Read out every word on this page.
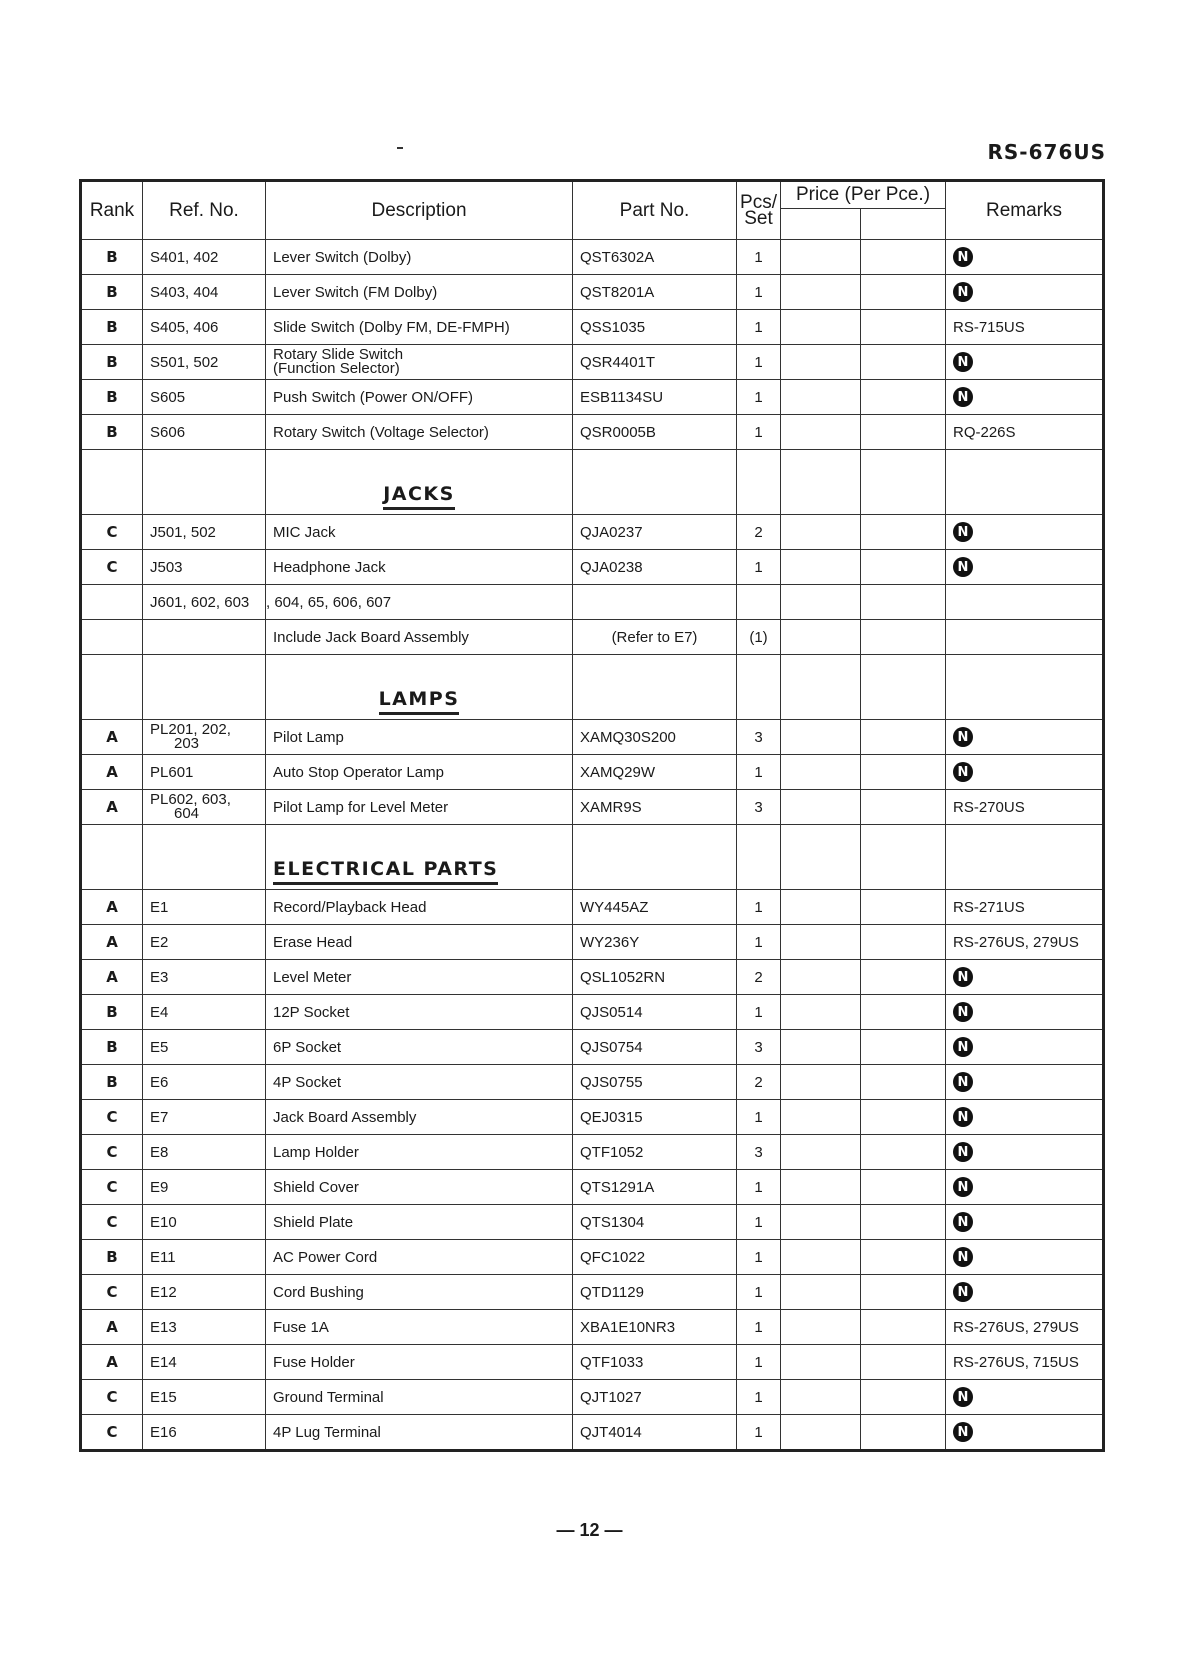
RS-676US
Rank	Ref. No.	Description	Part No.	Pcs/
Set	Price (Per Pce.)		Remarks

B	S401, 402	Lever Switch (Dolby)	QST6302A	1			N
B	S403, 404	Lever Switch (FM Dolby)	QST8201A	1			N
B	S405, 406	Slide Switch (Dolby FM, DE-FMPH)	QSS1035	1			RS-715US
B	S501, 502	Rotary Slide Switch
(Function Selector)	QSR4401T	1			N
B	S605	Push Switch (Power ON/OFF)	ESB1134SU	1			N
B	S606	Rotary Switch (Voltage Selector)	QSR0005B	1			RQ-226S
		JACKS					
C	J501, 502	MIC Jack	QJA0237	2			N
C	J503	Headphone Jack	QJA0238	1			N
	J601, 602, 603	, 604, 65, 606, 607					
		Include Jack Board Assembly	(Refer to E7)	(1)			
		LAMPS					
A	PL201, 202,
203	Pilot Lamp	XAMQ30S200	3			N
A	PL601	Auto Stop Operator Lamp	XAMQ29W	1			N
A	PL602, 603,
604	Pilot Lamp for Level Meter	XAMR9S	3			RS-270US
		ELECTRICAL PARTS					
A	E1	Record/Playback Head	WY445AZ	1			RS-271US
A	E2	Erase Head	WY236Y	1			RS-276US, 279US
A	E3	Level Meter	QSL1052RN	2			N
B	E4	12P Socket	QJS0514	1			N
B	E5	6P Socket	QJS0754	3			N
B	E6	4P Socket	QJS0755	2			N
C	E7	Jack Board Assembly	QEJ0315	1			N
C	E8	Lamp Holder	QTF1052	3			N
C	E9	Shield Cover	QTS1291A	1			N
C	E10	Shield Plate	QTS1304	1			N
B	E11	AC Power Cord	QFC1022	1			N
C	E12	Cord Bushing	QTD1129	1			N
A	E13	Fuse 1A	XBA1E10NR3	1			RS-276US, 279US
A	E14	Fuse Holder	QTF1033	1			RS-276US, 715US
C	E15	Ground Terminal	QJT1027	1			N
C	E16	4P Lug Terminal	QJT4014	1			N
— 12 —
